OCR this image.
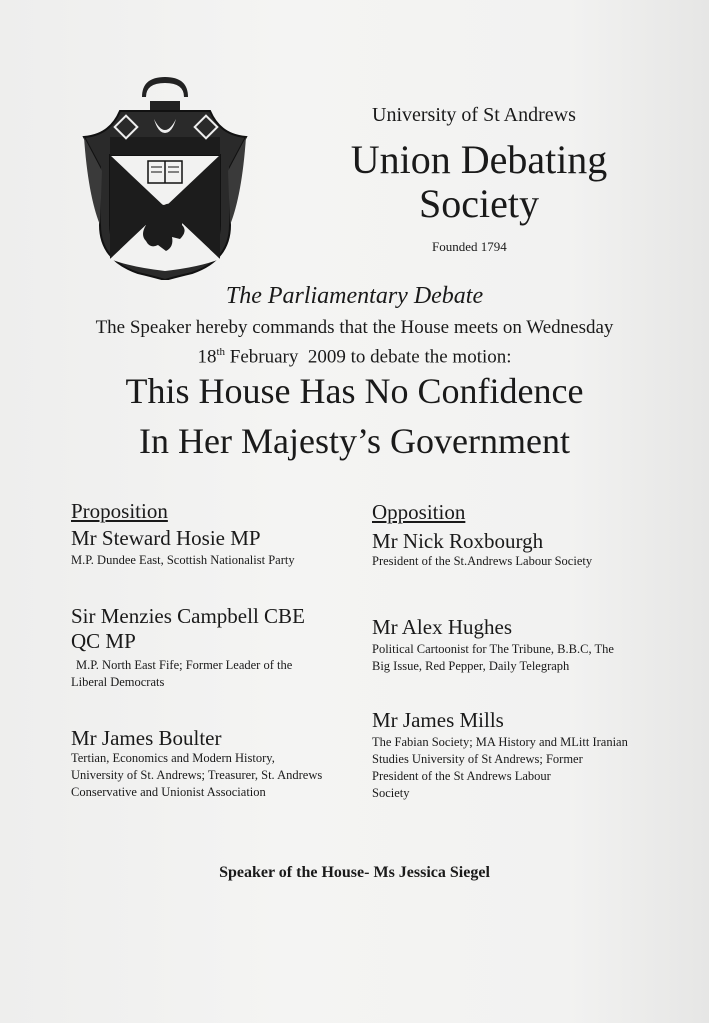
University of St Andrews
Union Debating
Society
Founded 1794
The Parliamentary Debate
The Speaker hereby commands that the House meets on Wednesday
18th February  2009 to debate the motion:
This House Has No Confidence
In Her Majesty’s Government
Proposition
Mr Steward Hosie MP
M.P. Dundee East, Scottish Nationalist Party
Sir Menzies Campbell CBE
QC MP
M.P. North East Fife; Former Leader of the
Liberal Democrats
Mr James Boulter
Tertian, Economics and Modern History,
University of St. Andrews; Treasurer, St. Andrews
Conservative and Unionist Association
Opposition
Mr Nick Roxbourgh
President of the St.Andrews Labour Society
Mr Alex Hughes
Political Cartoonist for The Tribune, B.B.C, The
Big Issue, Red Pepper, Daily Telegraph
Mr James Mills
The Fabian Society; MA History and MLitt Iranian
Studies University of St Andrews; Former
President of the St Andrews Labour
Society
Speaker of the House- Ms Jessica Siegel
